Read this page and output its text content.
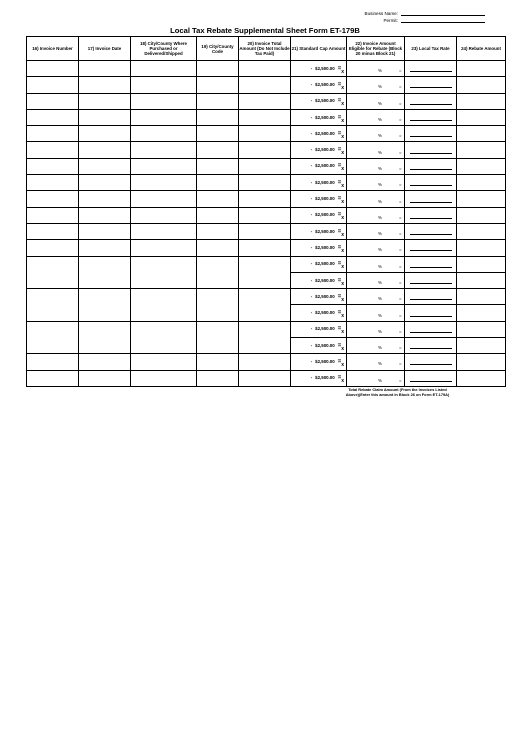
Business Name:
Permit:
Local Tax Rebate Supplemental Sheet Form ET-179B
16) Invoice Number	17) Invoice Date	18) City/County Where Purchased or Delivered/Shipped	19) City/County Code	20) Invoice Total Amount (Do Not Include Tax Paid)	21) Standard Cap Amount	22) Invoice Amount Eligible for Rebate (Block 20 minus Block 21)	23) Local Tax Rate	24) Rebate Amount
					- $2,500.00 =x	% =	

					- $2,500.00 =x	% =	

					- $2,500.00 =x	% =	

					- $2,500.00 =x	% =	

					- $2,500.00 =x	% =	

					- $2,500.00 =x	% =	

					- $2,500.00 =x	% =	

					- $2,500.00 =x	% =	

					- $2,500.00 =x	% =	

					- $2,500.00 =x	% =	

					- $2,500.00 =x	% =	

					- $2,500.00 =x	% =	

					- $2,500.00 =x	% =	

					- $2,500.00 =x	% =	

					- $2,500.00 =x	% =	

					- $2,500.00 =x	% =	

					- $2,500.00 =x	% =	

					- $2,500.00 =x	% =	

					- $2,500.00 =x	% =	

					- $2,500.00 =x	% =	

Total Rebate Claim Amount (From the Invoices Listed Above)(Enter this amount in Block 26 on Form ET-179A)
